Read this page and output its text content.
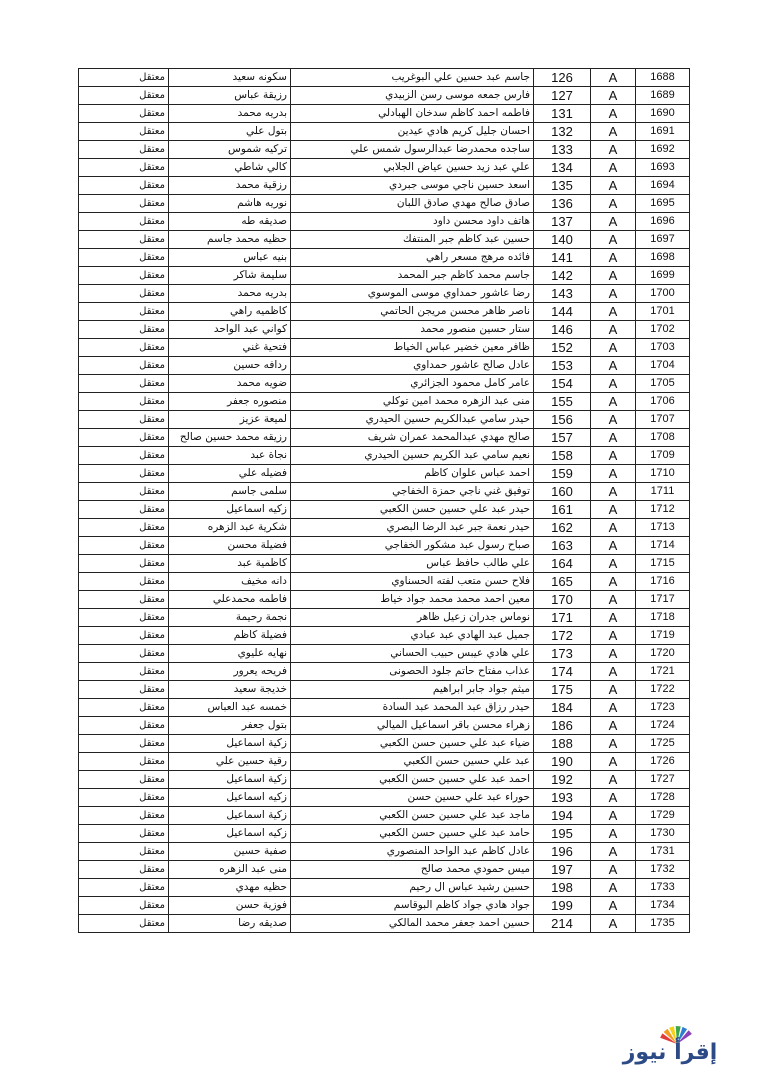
معتقل	سكونه سعيد	جاسم عبد حسين علي البوغريب	126	A	1688
معتقل	رزيقة عباس	فارس جمعه موسى رسن الزبيدي	127	A	1689
معتقل	بدريه محمد	فاطمه احمد كاظم سدخان الهبادلي	131	A	1690
معتقل	بتول علي	احسان جليل كريم هادي عيدين	132	A	1691
معتقل	تركيه شموس	ساجده محمدرضا عبدالرسول شمس علي	133	A	1692
معتقل	كالي شاطي	علي عبد زيد حسين عياض الجلابي	134	A	1693
معتقل	رزقية محمد	اسعد حسين ناجي موسى جبردي	135	A	1694
معتقل	نوريه هاشم	صادق صالح مهدي صادق اللبان	136	A	1695
معتقل	صديقه طه	هاتف داود محسن داود	137	A	1696
معتقل	حظيه محمد جاسم	حسين عبد كاظم جبر المنتفك	140	A	1697
معتقل	بنيه عباس	فائده مرهج مسعر راهي	141	A	1698
معتقل	سليمة شاكر	جاسم محمد كاظم جبر المحمد	142	A	1699
معتقل	بدريه محمد	رضا عاشور حمداوي موسى الموسوي	143	A	1700
معتقل	كاظميه راهي	ناصر ظاهر محسن مريجن الحاتمي	144	A	1701
معتقل	كواني عبد الواحد	ستار حسين منصور محمد	146	A	1702
معتقل	فتحية غني	ظافر معين خضير عباس الخياط	152	A	1703
معتقل	ردافه حسين	عادل صالح عاشور حمداوي	153	A	1704
معتقل	ضويه محمد	عامر كامل محمود الجزائري	154	A	1705
معتقل	منصوره جعفر	منى عبد الزهره محمد امين توكلي	155	A	1706
معتقل	لميعة عزيز	حيدر سامي عبدالكريم حسين الحيدري	156	A	1707
معتقل	رزيقه محمد حسين صالح	صالح مهدي عبدالمحمد عمران شريف	157	A	1708
معتقل	نجاة عبد	نعيم سامي عبد الكريم حسين الحيدري	158	A	1709
معتقل	فضيله علي	احمد عباس علوان كاظم	159	A	1710
معتقل	سلمى جاسم	توفيق غني ناجي حمزة الخفاجي	160	A	1711
معتقل	زكيه اسماعيل	حيدر عبد علي حسين حسن الكعبي	161	A	1712
معتقل	شكرية عبد الزهره	حيدر نعمة جبر عبد الرضا البصري	162	A	1713
معتقل	فضيلة محسن	صباح رسول عبد مشكور الخفاجي	163	A	1714
معتقل	كاظمية عبد	علي طالب حافظ عباس	164	A	1715
معتقل	دانه مخيف	فلاح حسن متعب لفته الحسناوي	165	A	1716
معتقل	فاطمه محمدعلي	معين احمد محمد محمد جواد خياط	170	A	1717
معتقل	نجمة رحيمة	نوماس جدران زعيل ظاهر	171	A	1718
معتقل	فضيلة كاظم	جميل عبد الهادي عبد عبادي	172	A	1719
معتقل	نهايه عليوي	علي هادي عيبس حبيب الحساني	173	A	1720
معتقل	فريحه يعرور	عذاب مفتاح حاتم جلود الحصونى	174	A	1721
معتقل	خديجة سعيد	ميثم جواد جابر ابراهيم	175	A	1722
معتقل	خمسه عبد العباس	حيدر رزاق عبد المحمد عبد السادة	184	A	1723
معتقل	بتول جعفر	زهراء محسن باقر اسماعيل الميالي	186	A	1724
معتقل	زكية اسماعيل	ضياء عبد علي حسين حسن الكعبي	188	A	1725
معتقل	رقية حسين علي	عبد علي حسين حسن الكعبي	190	A	1726
معتقل	زكية اسماعيل	احمد عبد علي حسين حسن الكعبي	192	A	1727
معتقل	زكيه اسماعيل	حوراء عبد علي حسين حسن	193	A	1728
معتقل	زكية اسماعيل	ماجد عبد علي حسين حسن الكعبي	194	A	1729
معتقل	زكيه اسماعيل	حامد عبد علي حسين حسن الكعبي	195	A	1730
معتقل	صفية حسين	عادل كاظم عبد الواحد المنصوري	196	A	1731
معتقل	منى عبد الزهره	ميس حمودي محمد صالح	197	A	1732
معتقل	حظيه مهدي	حسين رشيد عباس ال رحيم	198	A	1733
معتقل	فوزية حسن	جواد هادي جواد كاظم البوقاسم	199	A	1734
معتقل	صديقه رضا	حسين احمد جعفر محمد المالكي	214	A	1735
إقرأ نيوز
